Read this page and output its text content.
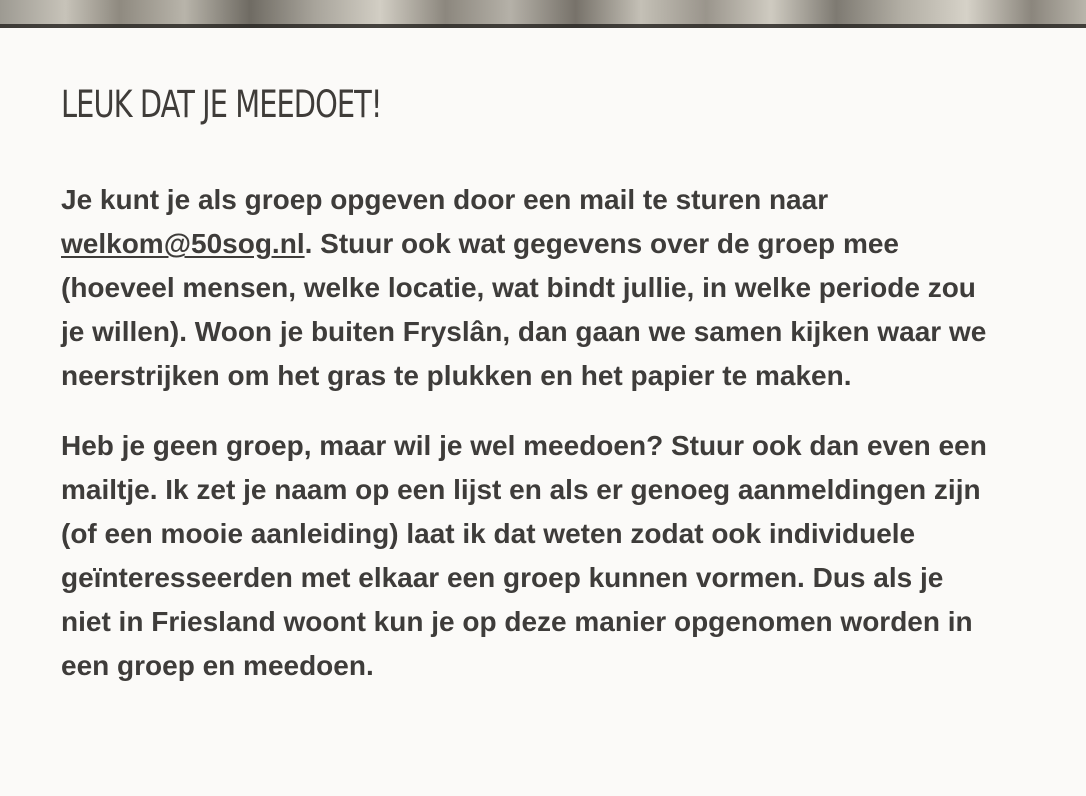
LEUK DAT JE MEEDOET!

Je kunt je als groep opgeven door een mail te sturen naar welkom@50sog.nl. Stuur ook wat gegevens over de groep mee (hoeveel mensen, welke locatie, wat bindt jullie, in welke periode zou je willen). Woon je buiten Fryslân, dan gaan we samen kijken waar we neerstrijken om het gras te plukken en het papier te maken.

Heb je geen groep, maar wil je wel meedoen? Stuur ook dan even een mailtje. Ik zet je naam op een lijst en als er genoeg aanmeldingen zijn (of een mooie aanleiding) laat ik dat weten zodat ook individuele geïnteresseerden met elkaar een groep kunnen vormen. Dus als je niet in Friesland woont kun je op deze manier opgenomen worden in een groep en meedoen.
